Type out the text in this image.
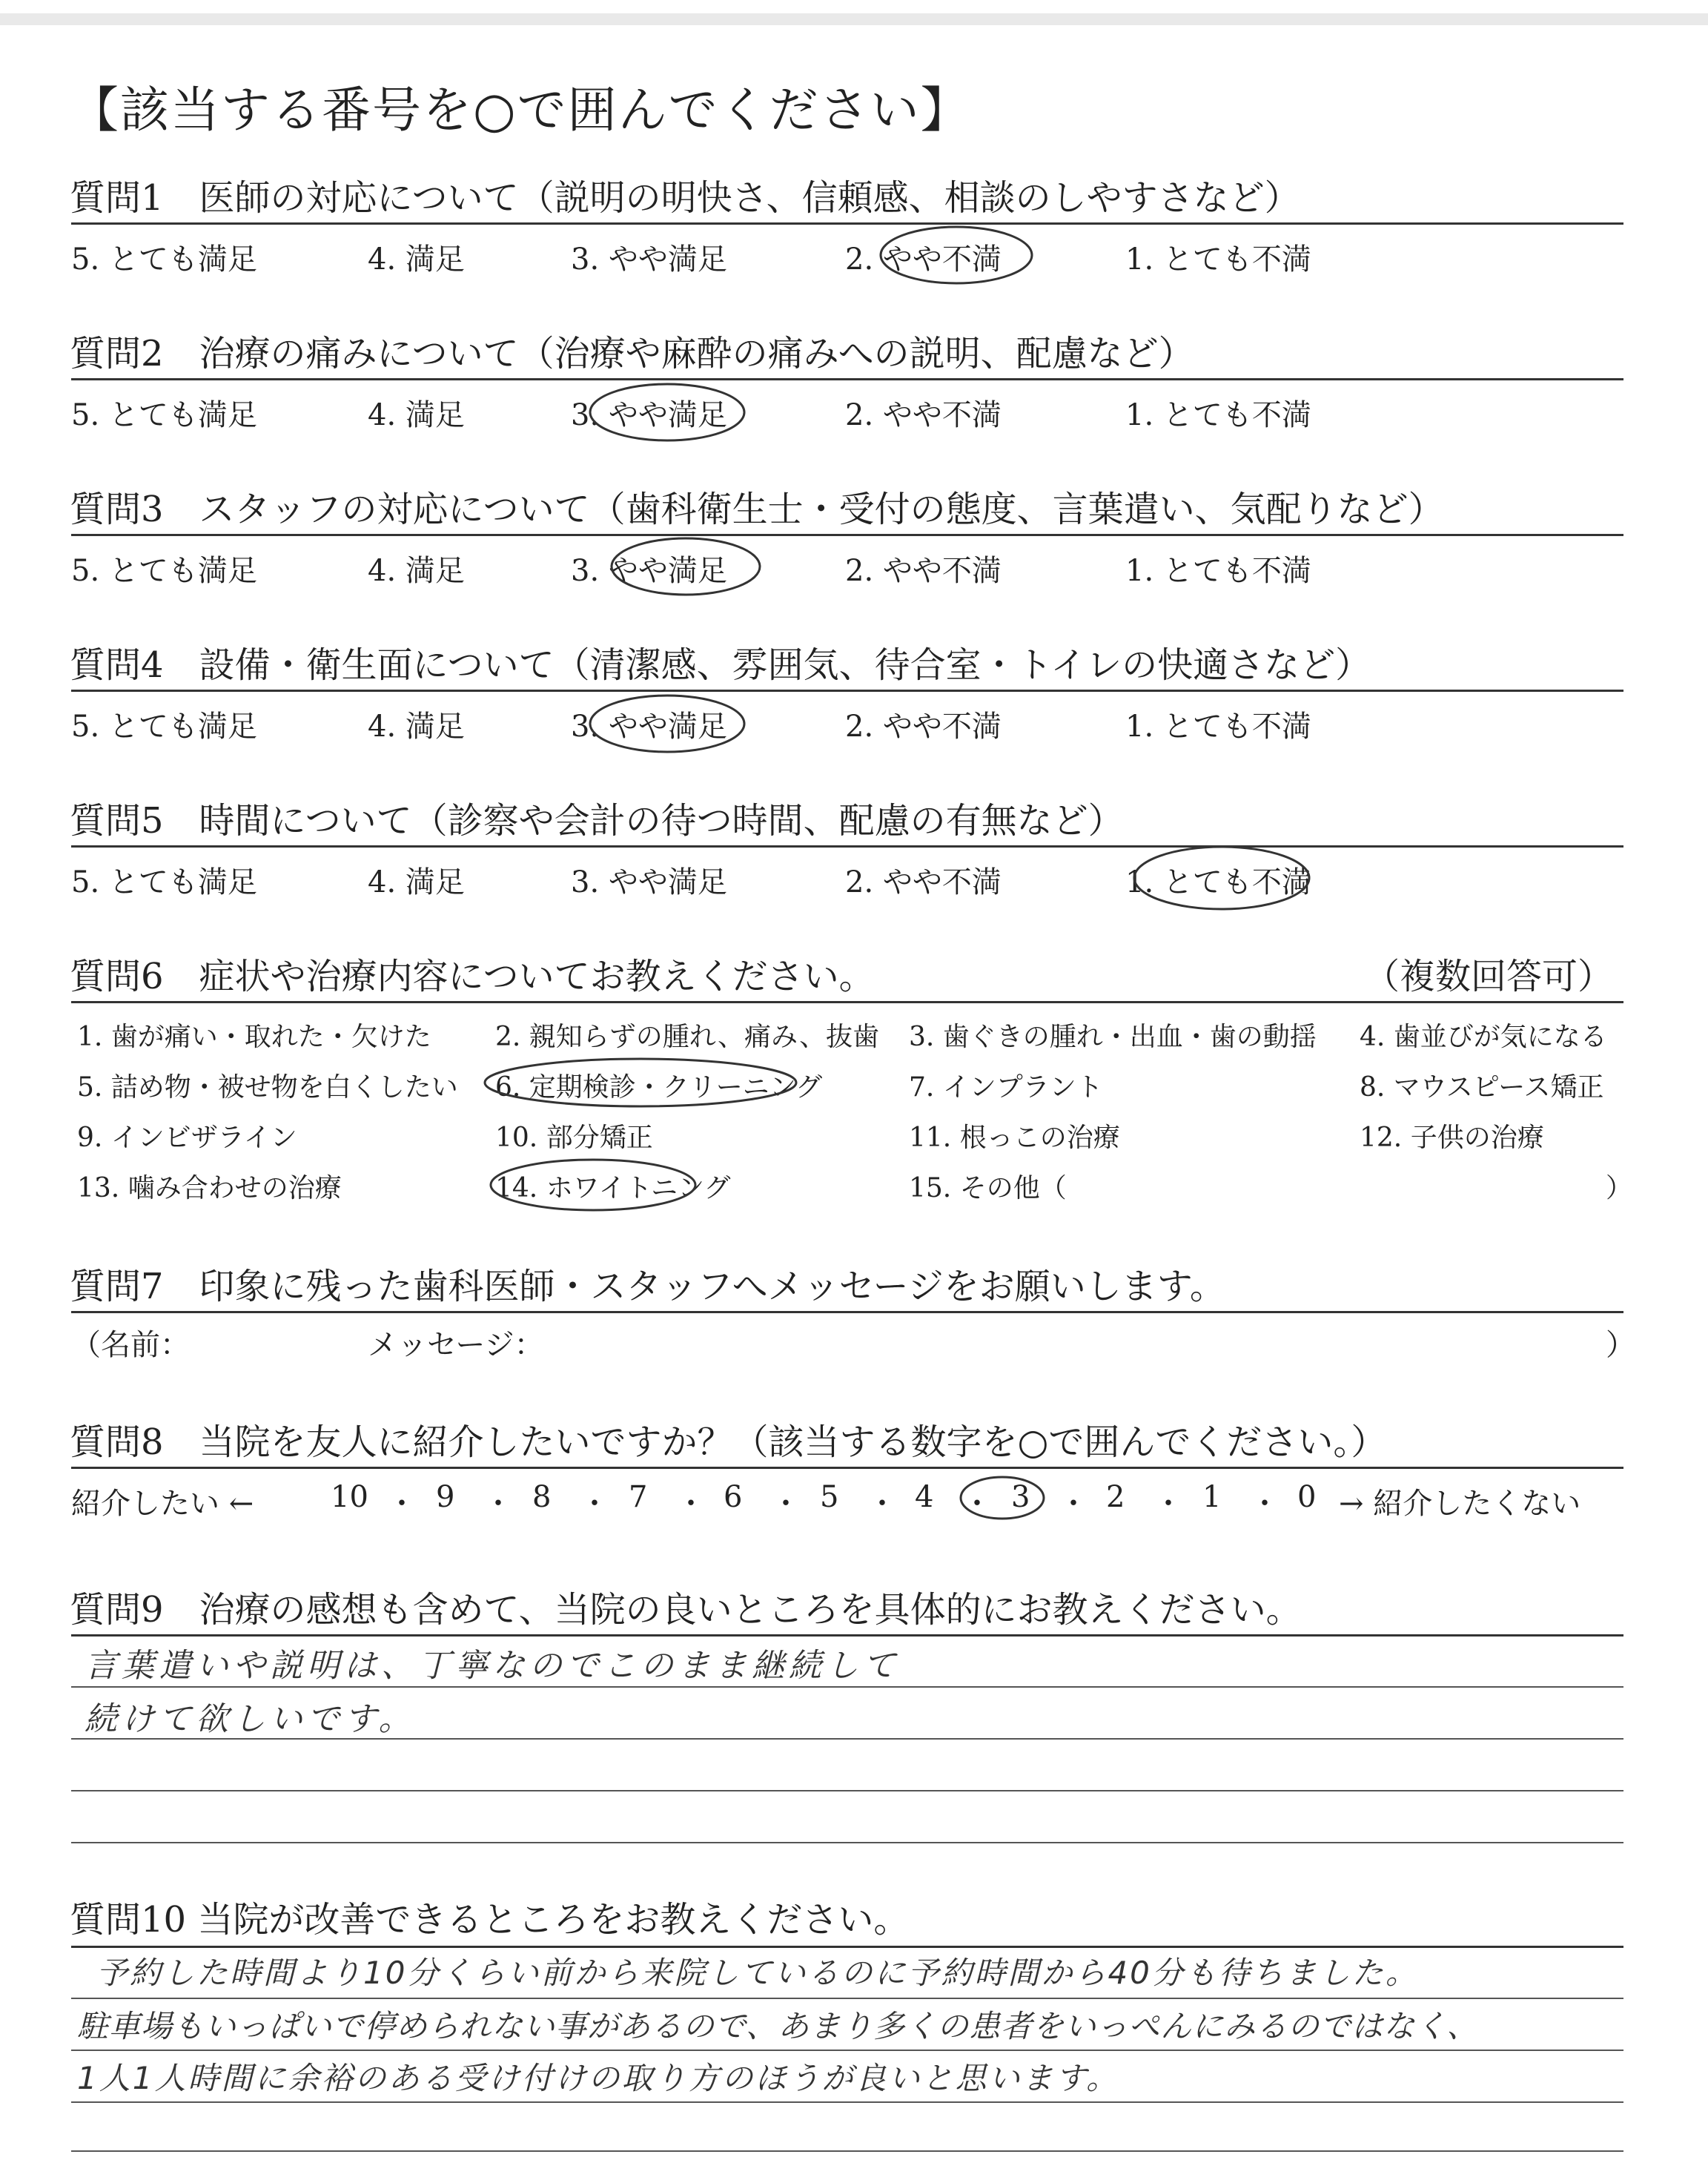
【該当する番号を○で囲んでください】
質問1　医師の対応について（説明の明快さ、信頼感、相談のしやすさなど）
5. とても満足	4. 満足	3. やや満足	2. やや不満	1. とても不満
質問2　治療の痛みについて（治療や麻酔の痛みへの説明、配慮など）
5. とても満足	4. 満足	3. やや満足	2. やや不満	1. とても不満
質問3　スタッフの対応について（歯科衛生士・受付の態度、言葉遣い、気配りなど）
5. とても満足	4. 満足	3. やや満足	2. やや不満	1. とても不満
質問4　設備・衛生面について（清潔感、雰囲気、待合室・トイレの快適さなど）
5. とても満足	4. 満足	3. やや満足	2. やや不満	1. とても不満
質問5　時間について（診察や会計の待つ時間、配慮の有無など）
5. とても満足	4. 満足	3. やや満足	2. やや不満	1. とても不満
質問6　症状や治療内容についてお教えください。	（複数回答可）
1. 歯が痛い・取れた・欠けた 2. 親知らずの腫れ、痛み、抜歯 3. 歯ぐきの腫れ・出血・歯の動揺 4. 歯並びが気になる
5. 詰め物・被せ物を白くしたい 6. 定期検診・クリーニング	7. インプラント	8. マウスピース矯正
9. インビザライン	10. 部分矯正	11. 根っこの治療	12. 子供の治療
13. 噛み合わせの治療	14. ホワイトニング	15. その他（	）
質問7　印象に残った歯科医師・スタッフへメッセージをお願いします。
（名前：	メッセージ：	）
質問8　当院を友人に紹介したいですか？（該当する数字を○で囲んでください。）
紹介したい ←	10 ・ 9 ・ 8 ・ 7 ・ 6 ・ 5 ・ 4 ・ 3 ・ 2 ・ 1 ・ 0 → 紹介したくない
質問9　治療の感想も含めて、当院の良いところを具体的にお教えください。
言葉遣いや説明は、丁寧なのでこのまま継続して
続けて欲しいです。
質問10 当院が改善できるところをお教えください。
予約した時間より10分くらい前から来院しているのに予約時間から40分も待ちました。
駐車場もいっぱいで停められない事があるので、あまり多くの患者をいっぺんにみるのではなく、
1人1人時間に余裕のある受け付けの取り方のほうが良いと思います。
